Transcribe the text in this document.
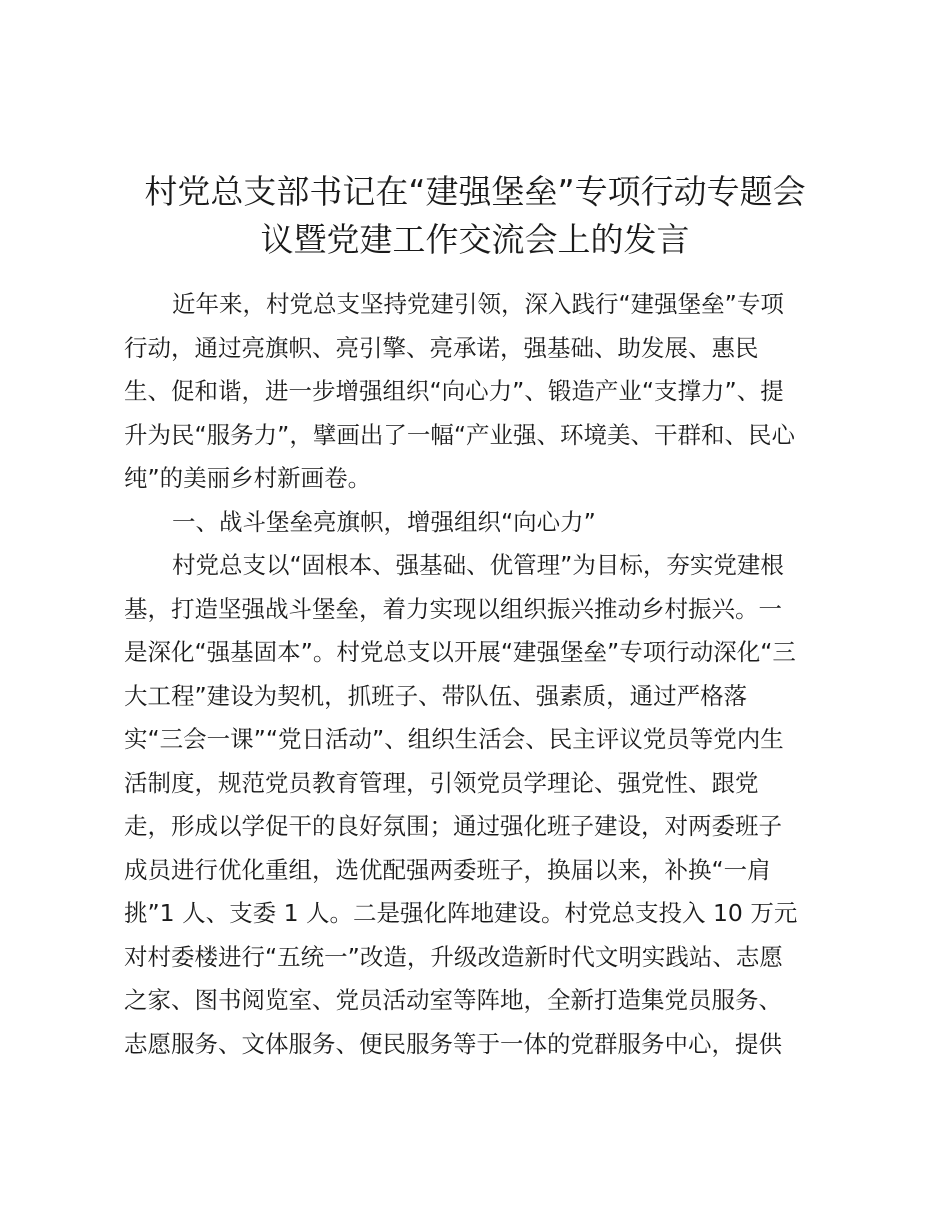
村党总支部书记在“建强堡垒”专项行动专题会
议暨党建工作交流会上的发言
近年来，村党总支坚持党建引领，深入践行“建强堡垒”专项
行动，通过亮旗帜、亮引擎、亮承诺，强基础、助发展、惠民
生、促和谐，进一步增强组织“向心力”、锻造产业“支撑力”、提
升为民“服务力”，擘画出了一幅“产业强、环境美、干群和、民心
纯”的美丽乡村新画卷。
一、战斗堡垒亮旗帜，增强组织“向心力”
村党总支以“固根本、强基础、优管理”为目标，夯实党建根
基，打造坚强战斗堡垒，着力实现以组织振兴推动乡村振兴。一
是深化“强基固本”。村党总支以开展“建强堡垒”专项行动深化“三
大工程”建设为契机，抓班子、带队伍、强素质，通过严格落
实“三会一课”“党日活动”、组织生活会、民主评议党员等党内生
活制度，规范党员教育管理，引领党员学理论、强党性、跟党
走，形成以学促干的良好氛围；通过强化班子建设，对两委班子
成员进行优化重组，选优配强两委班子，换届以来，补换“一肩
挑”1 人、支委 1 人。二是强化阵地建设。村党总支投入 10 万元
对村委楼进行“五统一”改造，升级改造新时代文明实践站、志愿
之家、图书阅览室、党员活动室等阵地，全新打造集党员服务、
志愿服务、文体服务、便民服务等于一体的党群服务中心，提供
